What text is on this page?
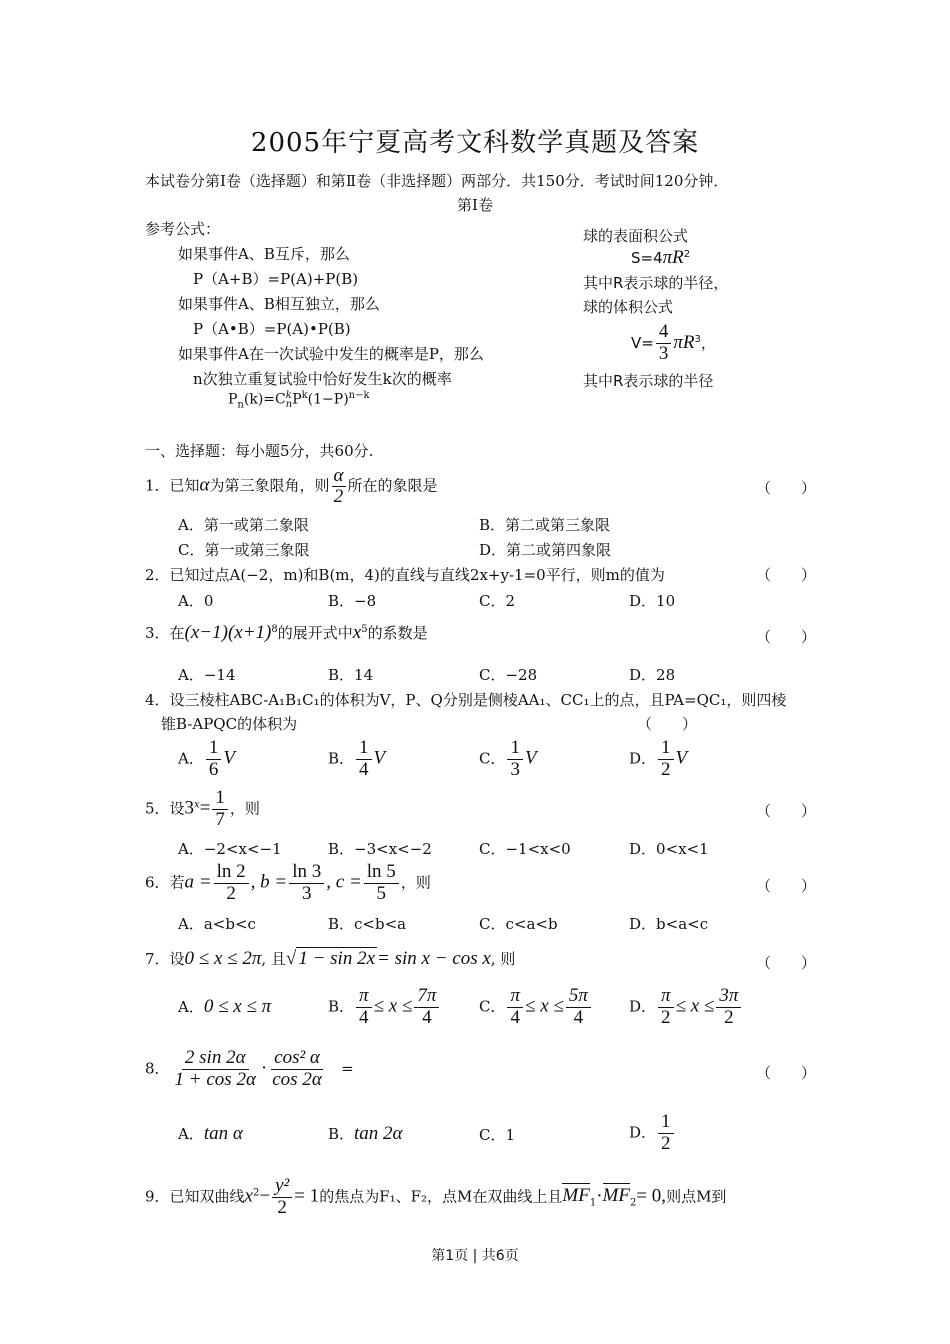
2005年宁夏高考文科数学真题及答案
本试卷分第Ⅰ卷（选择题）和第Ⅱ卷（非选择题）两部分．共150分．考试时间120分钟．
第Ⅰ卷
参考公式：
如果事件A、B互斥，那么
P（A+B）=P(A)+P(B)
如果事件A、B相互独立，那么
P（A•B）=P(A)•P(B)
如果事件A在一次试验中发生的概率是P，那么
n次独立重复试验中恰好发生k次的概率
$P_n(k)=C$ k
n $P^k(1-P)^{n-k}$
球的表面积公式
$S=4\pi R^2$
其中R表示球的半径，
球的体积公式
$V= \frac{4}{3} \pi R^3$，
其中R表示球的半径
一、选择题：每小题5分，共60分.
1．已知α为第三象限角，则 $\frac{\alpha}{2}$ 所在的象限是	（　　）
A．第一或第二象限	B．第二或第三象限
C．第一或第三象限	D．第二或第四象限
2．已知过点A(−2，m)和B(m，4)的直线与直线2x+y-1=0平行，则m的值为	（　　）
A．0	B．−8	C．2	D．10
3．在$(x-1)(x+1)^8$的展开式中$x^5$的系数是	（　　）
A．−14	B．14	C．−28	D．28
4．设三棱柱ABC-A₁B₁C₁的体积为V，P、Q分别是侧棱AA₁、CC₁上的点，且PA=QC₁，则四棱
锥B-APQC的体积为	（　　）
A． $\frac{1}{6}$ V	B． $\frac{1}{4}$ V	C． $\frac{1}{3}$ V	D． $\frac{1}{2}$ V
5．设$3^x= \frac{1}{7}$ ，则	（　　）
A．−2<x<−1	B．−3<x<−2	C．−1<x<0	D．0<x<1
6．若$a = \frac{\ln 2}{2}$ , $b = \frac{\ln 3}{3}$ , $c = \frac{\ln 5}{5}$ ，则	（　　）
A．a<b<c	B．c<b<a	C．c<a<b	D．b<a<c
7．设0 ≤ x ≤ 2π, 且√ 1 − sin 2x = sin x − cos x, 则	（　　）
A．0 ≤ x ≤ π	B． $\frac{\pi}{4} \le x \le \frac{7\pi}{4}$	C． $\frac{\pi}{4} \le x \le \frac{5\pi}{4}$	D． $\frac{\pi}{2} \le x \le \frac{3\pi}{2}$
8． $\frac{2 \sin 2\alpha}{1 + \cos 2\alpha} \cdot \frac{\text{cos² α}}{\cos 2\alpha}$ =	（　　）
A．tan α	B．tan 2α	C．1	D． $\frac{1}{2}$
9．已知双曲线$x^2- \frac{\text{y²}}{2} = 1$的焦点为F₁、F₂，点M在双曲线上且$MF_1\cdot MF_2= 0$,则点M到
第1页 | 共6页
